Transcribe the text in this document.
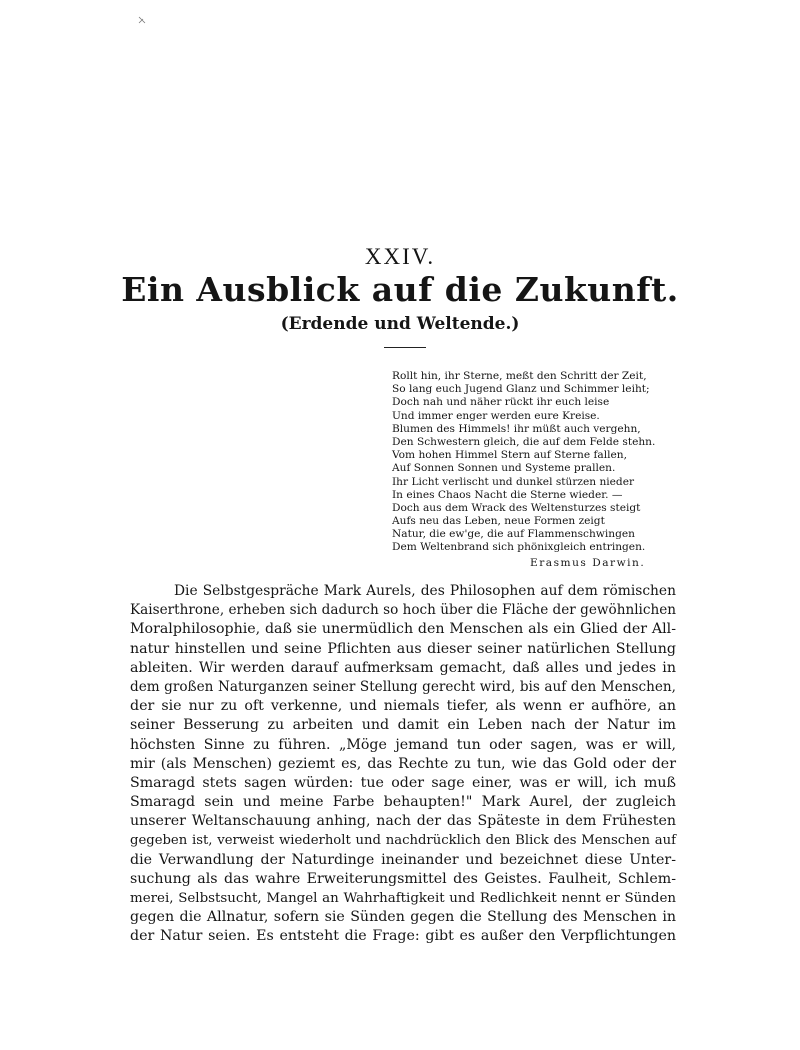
XXIV.
Ein Ausblick auf die Zukunft.
(Erdende und Weltende.)
Rollt hin, ihr Sterne, meßt den Schritt der Zeit,
So lang euch Jugend Glanz und Schimmer leiht;
Doch nah und näher rückt ihr euch leise
Und immer enger werden eure Kreise.
Blumen des Himmels! ihr müßt auch vergehn,
Den Schwestern gleich, die auf dem Felde stehn.
Vom hohen Himmel Stern auf Sterne fallen,
Auf Sonnen Sonnen und Systeme prallen.
Ihr Licht verlischt und dunkel stürzen nieder
In eines Chaos Nacht die Sterne wieder. —
Doch aus dem Wrack des Weltensturzes steigt
Aufs neu das Leben, neue Formen zeigt
Natur, die ew'ge, die auf Flammenschwingen
Dem Weltenbrand sich phönixgleich entringen.
Erasmus Darwin.
Die Selbstgespräche Mark Aurels, des Philosophen auf dem römischen
Kaiserthrone, erheben sich dadurch so hoch über die Fläche der gewöhnlichen
Moralphilosophie, daß sie unermüdlich den Menschen als ein Glied der All-
natur hinstellen und seine Pflichten aus dieser seiner natürlichen Stellung
ableiten. Wir werden darauf aufmerksam gemacht, daß alles und jedes in
dem großen Naturganzen seiner Stellung gerecht wird, bis auf den Menschen,
der sie nur zu oft verkenne, und niemals tiefer, als wenn er aufhöre, an
seiner Besserung zu arbeiten und damit ein Leben nach der Natur im
höchsten Sinne zu führen. „Möge jemand tun oder sagen, was er will,
mir (als Menschen) geziemt es, das Rechte zu tun, wie das Gold oder der
Smaragd stets sagen würden: tue oder sage einer, was er will, ich muß
Smaragd sein und meine Farbe behaupten!" Mark Aurel, der zugleich
unserer Weltanschauung anhing, nach der das Späteste in dem Frühesten
gegeben ist, verweist wiederholt und nachdrücklich den Blick des Menschen auf
die Verwandlung der Naturdinge ineinander und bezeichnet diese Unter-
suchung als das wahre Erweiterungsmittel des Geistes. Faulheit, Schlem-
merei, Selbstsucht, Mangel an Wahrhaftigkeit und Redlichkeit nennt er Sünden
gegen die Allnatur, sofern sie Sünden gegen die Stellung des Menschen in
der Natur seien. Es entsteht die Frage: gibt es außer den Verpflichtungen
